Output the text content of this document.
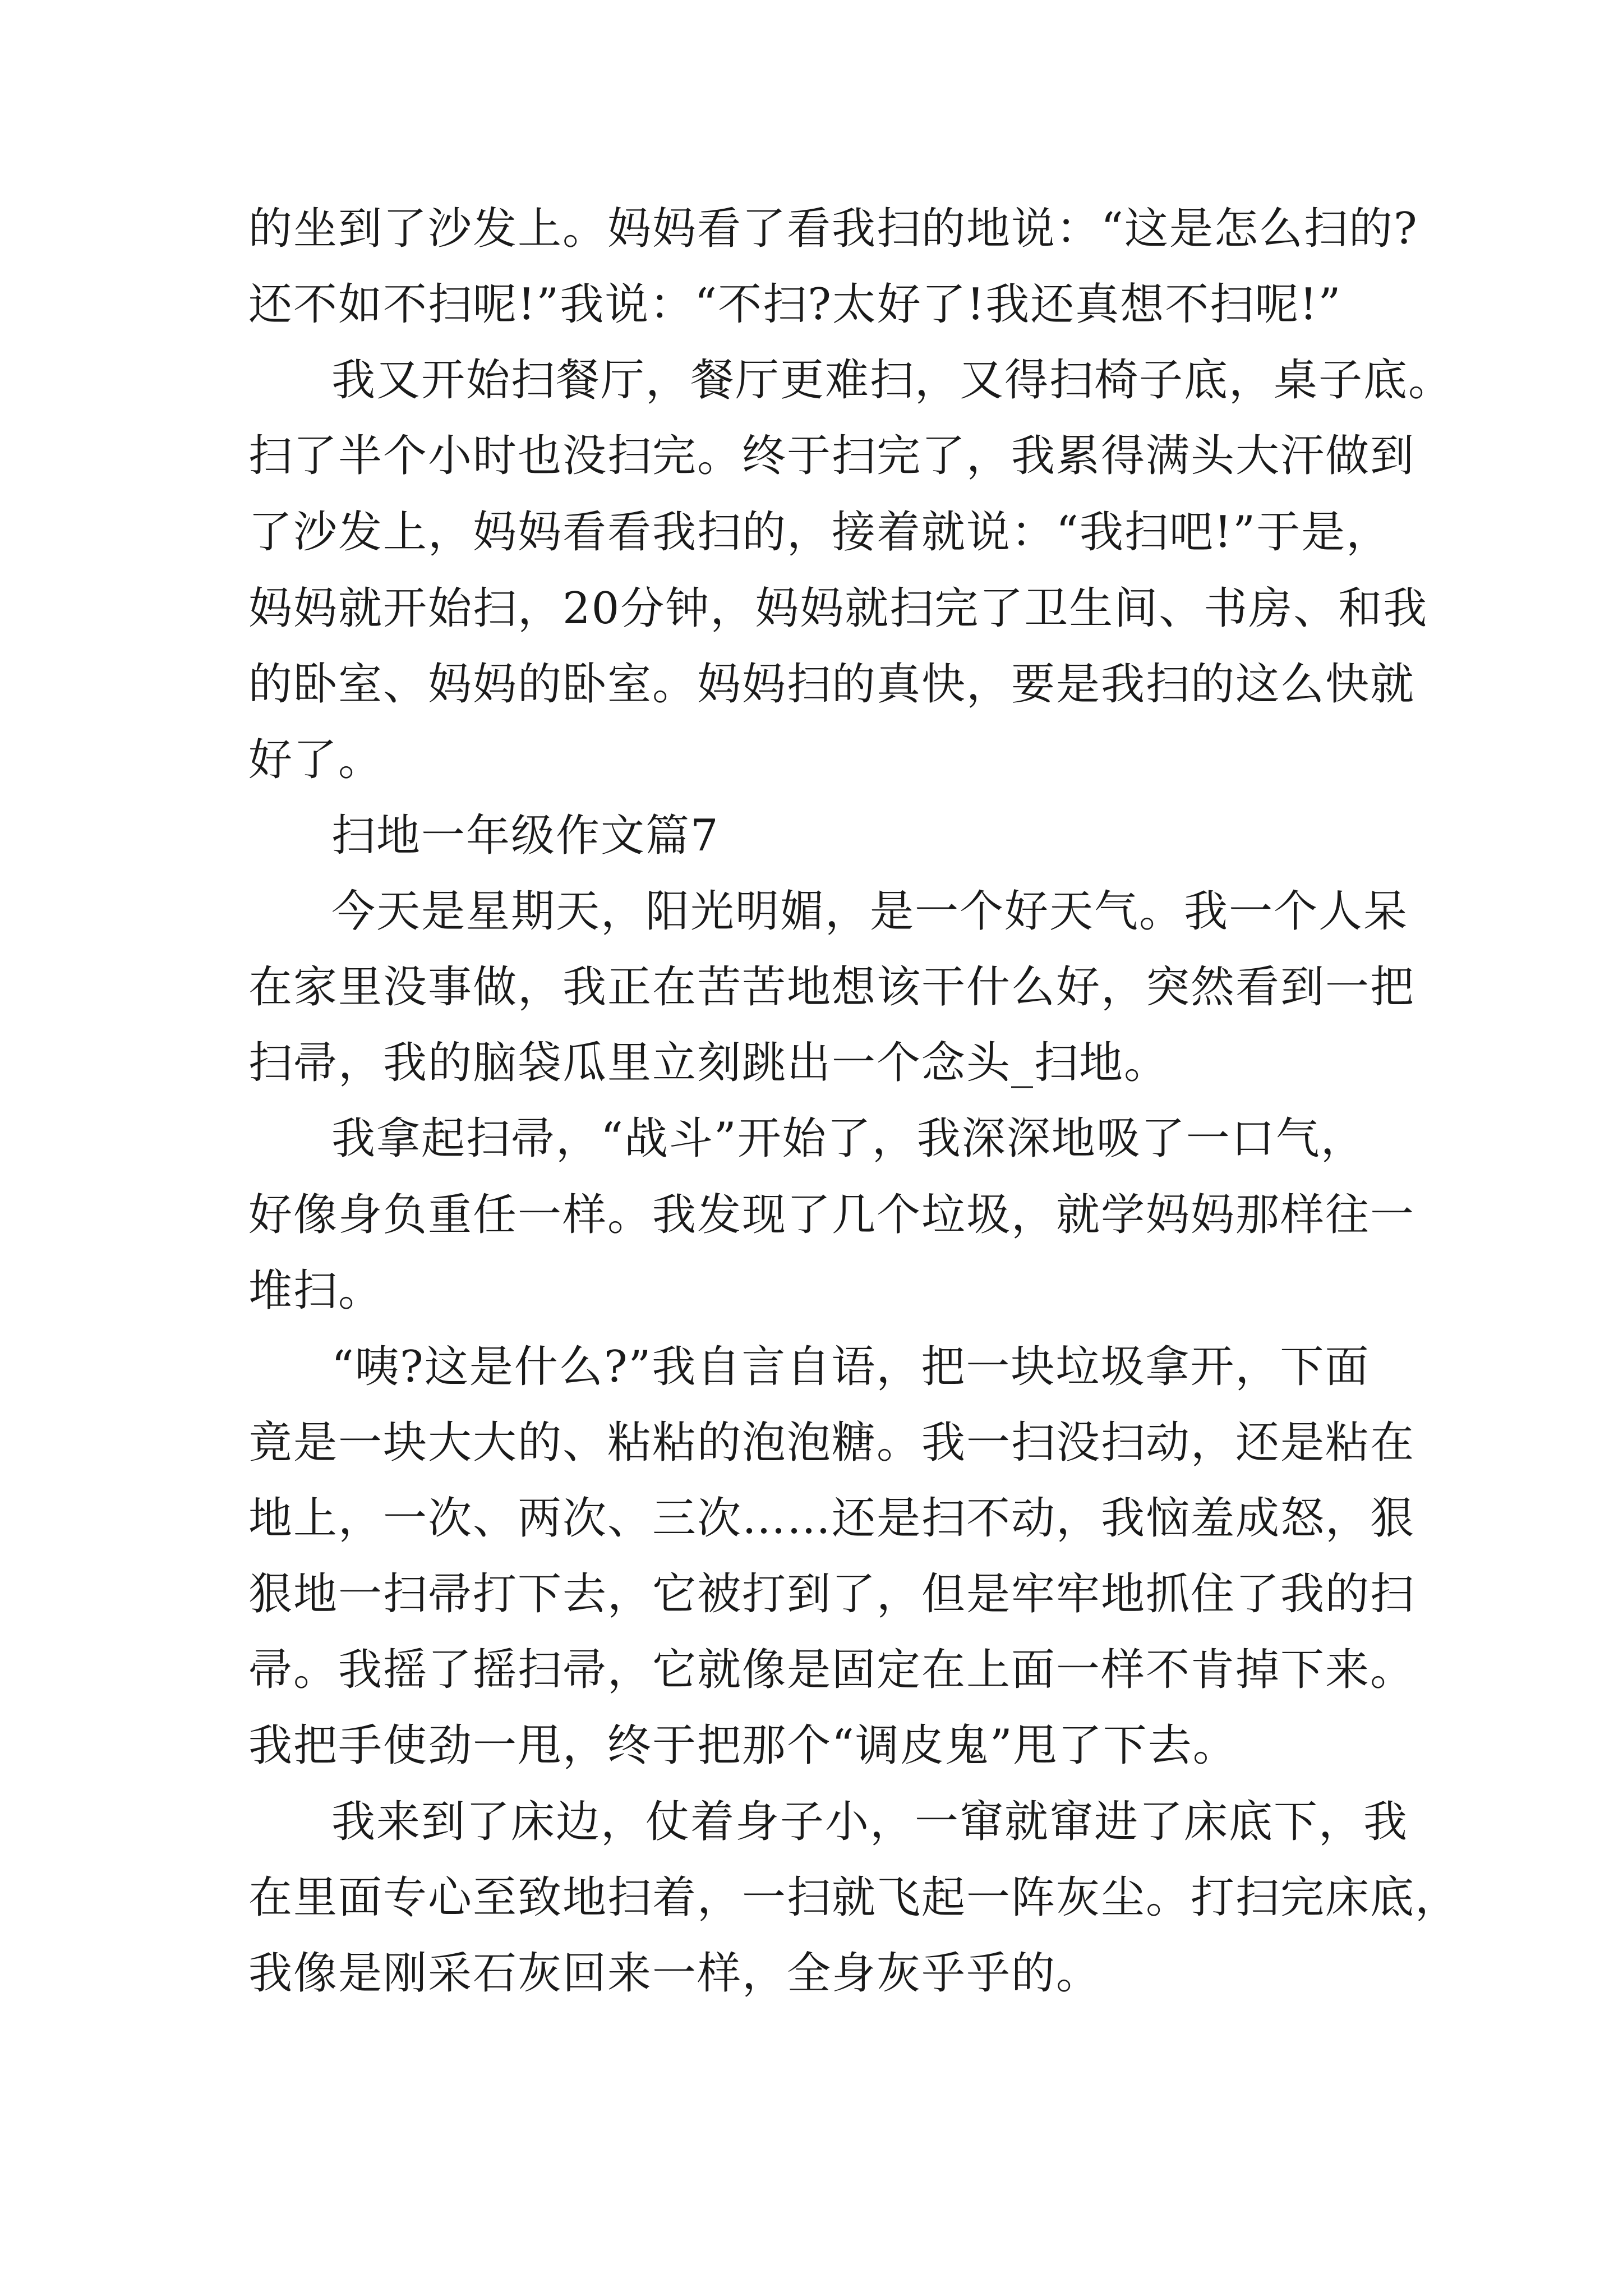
的坐到了沙发上。妈妈看了看我扫的地说：“这是怎么扫的?

还不如不扫呢!”我说：“不扫?太好了!我还真想不扫呢!”

我又开始扫餐厅，餐厅更难扫，又得扫椅子底，桌子底。

扫了半个小时也没扫完。终于扫完了，我累得满头大汗做到

了沙发上，妈妈看看我扫的，接着就说：“我扫吧!”于是，

妈妈就开始扫，20分钟，妈妈就扫完了卫生间、书房、和我

的卧室、妈妈的卧室。妈妈扫的真快，要是我扫的这么快就

好了。

扫地一年级作文篇7

今天是星期天，阳光明媚，是一个好天气。我一个人呆

在家里没事做，我正在苦苦地想该干什么好，突然看到一把

扫帚，我的脑袋瓜里立刻跳出一个念头_扫地。

我拿起扫帚，“战斗”开始了，我深深地吸了一口气，

好像身负重任一样。我发现了几个垃圾，就学妈妈那样往一

堆扫。

“咦?这是什么?”我自言自语，把一块垃圾拿开，下面

竟是一块大大的、粘粘的泡泡糖。我一扫没扫动，还是粘在

地上，一次、两次、三次……还是扫不动，我恼羞成怒，狠

狠地一扫帚打下去，它被打到了，但是牢牢地抓住了我的扫

帚。我摇了摇扫帚，它就像是固定在上面一样不肯掉下来。

我把手使劲一甩，终于把那个“调皮鬼”甩了下去。

我来到了床边，仗着身子小，一窜就窜进了床底下，我

在里面专心至致地扫着，一扫就飞起一阵灰尘。打扫完床底，

我像是刚采石灰回来一样，全身灰乎乎的。
